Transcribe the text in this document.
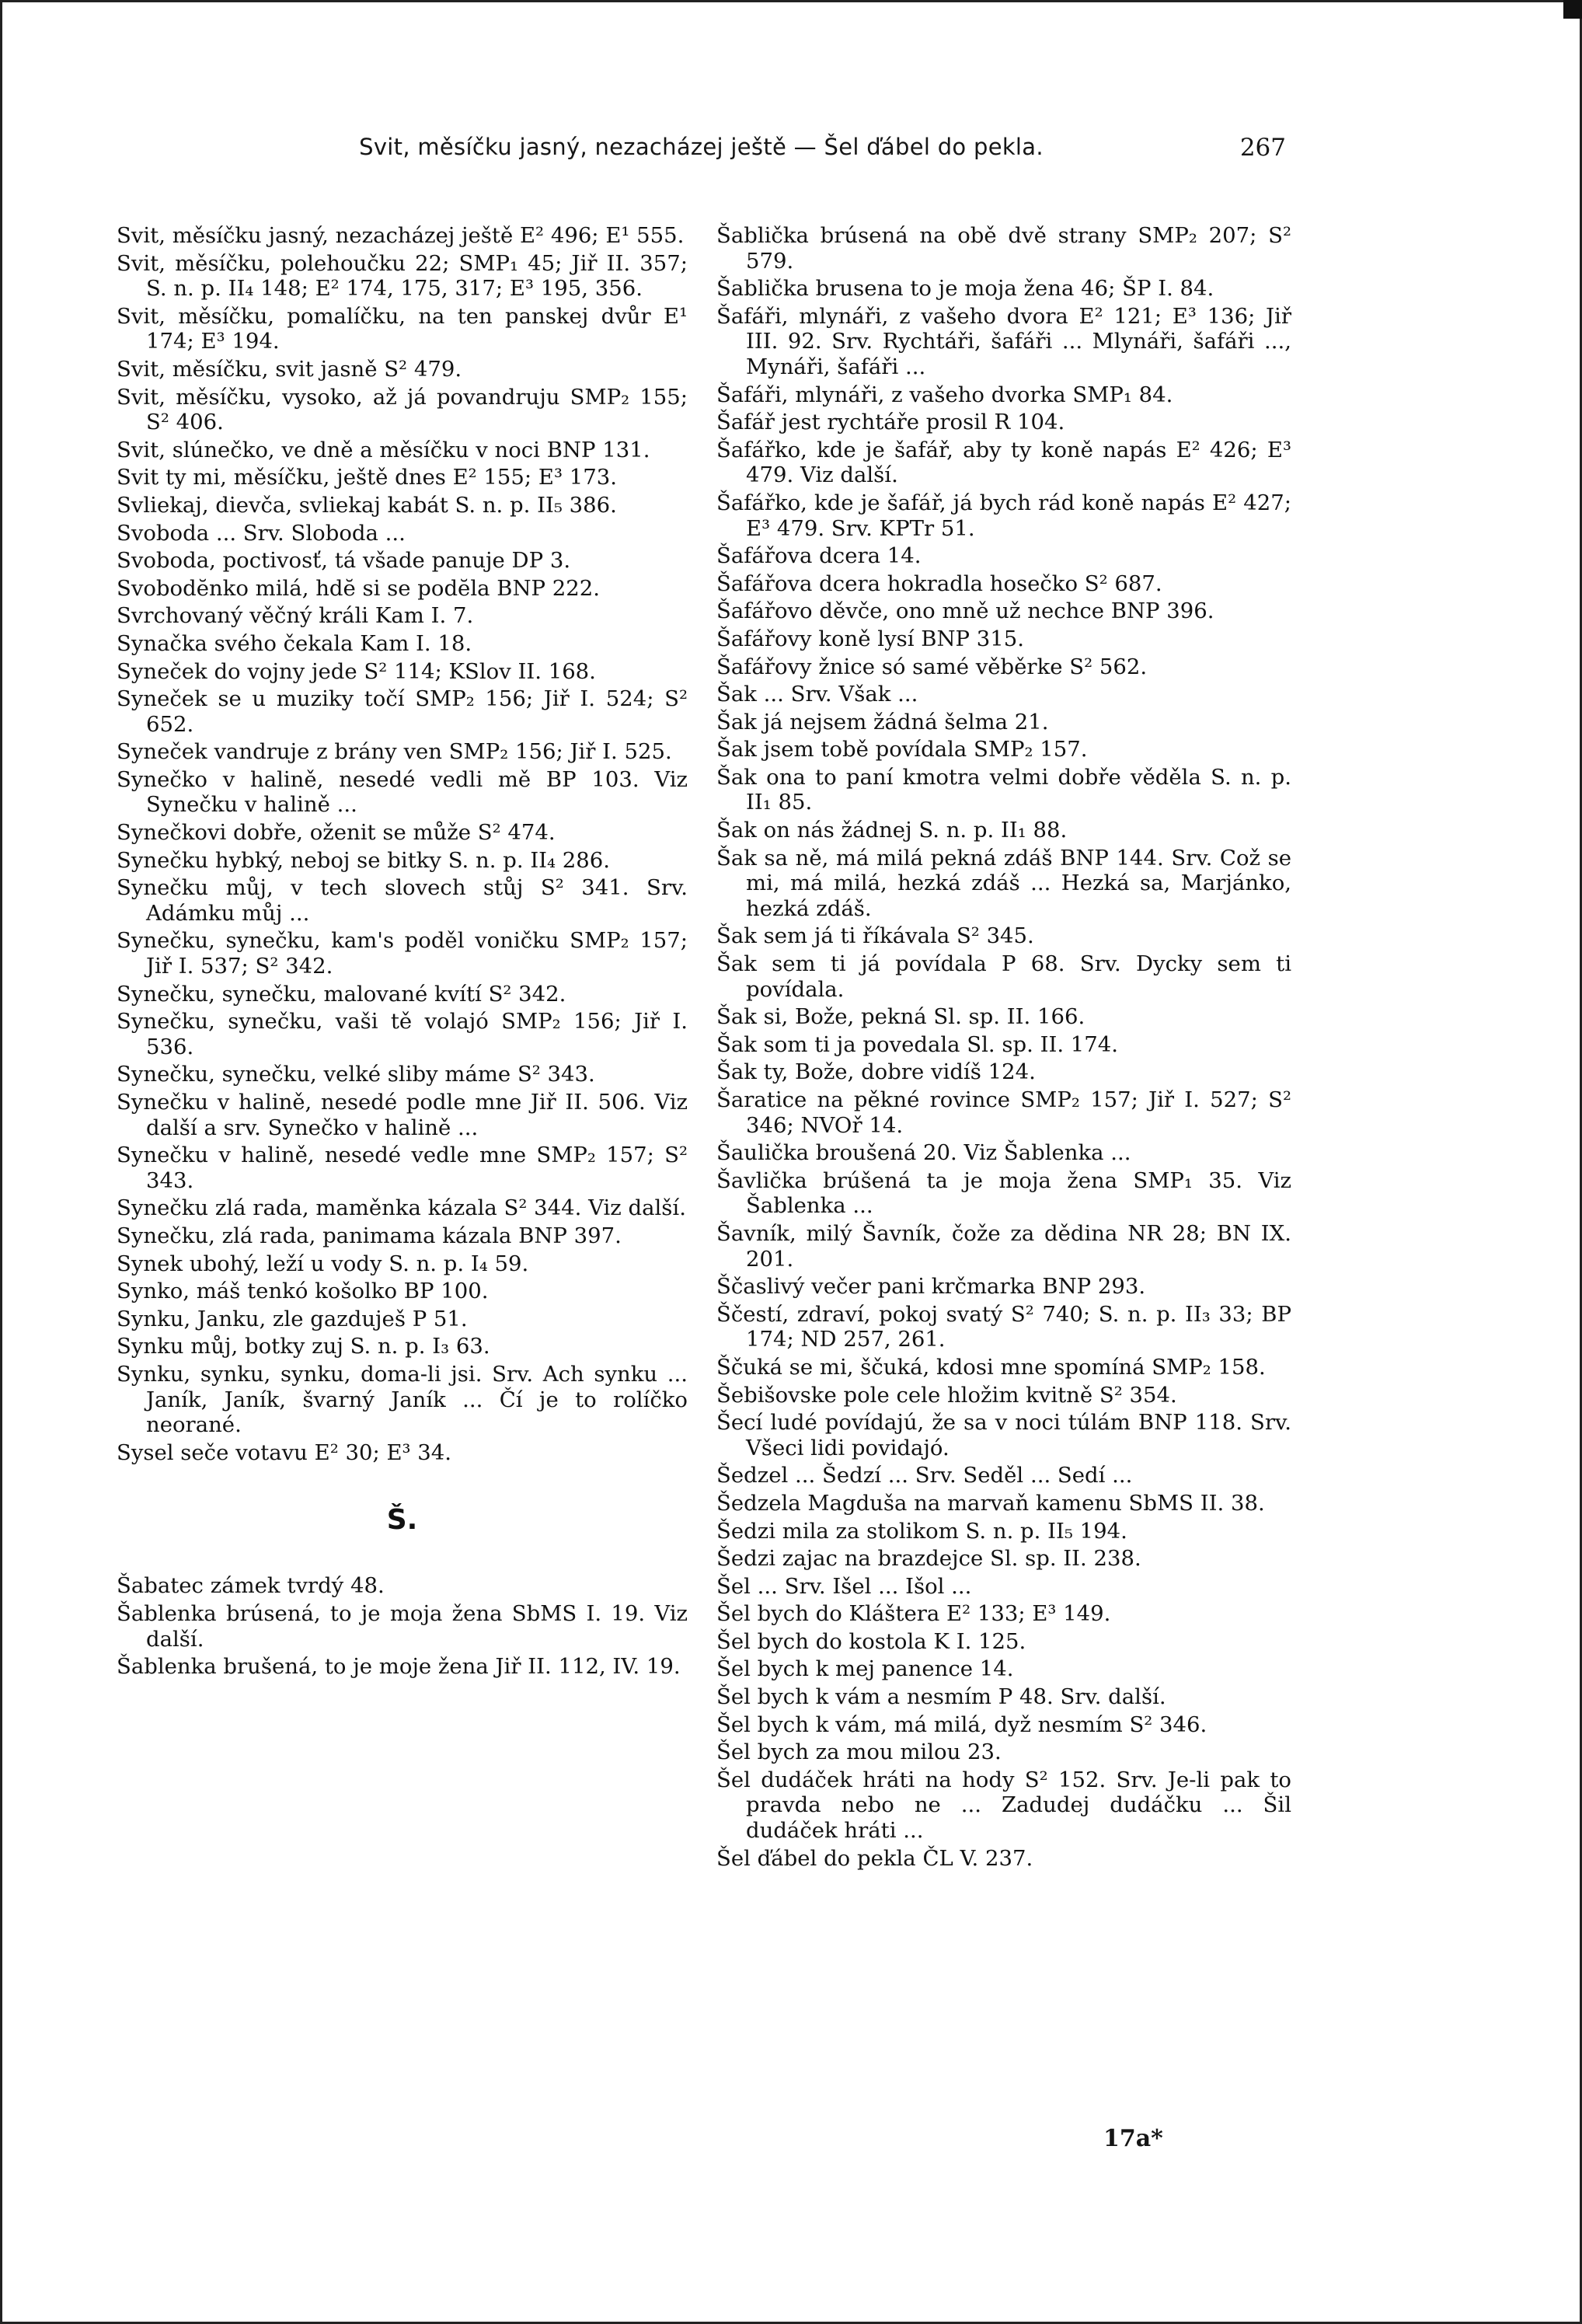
Svit, měsíčku jasný, nezacházej ještě — Šel ďábel do pekla.	267

Svit, měsíčku jasný, nezacházej ještě E² 496; E¹ 555.

Svit, měsíčku, polehoučku 22; SMP₁ 45; Jiř II. 357; S. n. p. II₄ 148; E² 174, 175, 317; E³ 195, 356.

Svit, měsíčku, pomalíčku, na ten panskej dvůr E¹ 174; E³ 194.

Svit, měsíčku, svit jasně S² 479.

Svit, měsíčku, vysoko, až já povandruju SMP₂ 155; S² 406.

Svit, slúnečko, ve dně a měsíčku v noci BNP 131.

Svit ty mi, měsíčku, ještě dnes E² 155; E³ 173.

Svliekaj, dievča, svliekaj kabát S. n. p. II₅ 386.

Svoboda ... Srv. Sloboda ...

Svoboda, poctivosť, tá všade panuje DP 3.

Svobodĕnko milá, hdĕ si se podĕla BNP 222.

Svrchovaný věčný králi Kam I. 7.

Synačka svého čekala Kam I. 18.

Syneček do vojny jede S² 114; KSlov II. 168.

Syneček se u muziky točí SMP₂ 156; Jiř I. 524; S² 652.

Syneček vandruje z brány ven SMP₂ 156; Jiř I. 525.

Synečko v halině, nesedé vedli mě BP 103. Viz Synečku v halině ...

Synečkovi dobře, oženit se může S² 474.

Synečku hybký, neboj se bitky S. n. p. II₄ 286.

Synečku můj, v tech slovech stůj S² 341. Srv. Adámku můj ...

Synečku, synečku, kam's poděl voničku SMP₂ 157; Jiř I. 537; S² 342.

Synečku, synečku, malované kvítí S² 342.

Synečku, synečku, vaši tě volajó SMP₂ 156; Jiř I. 536.

Synečku, synečku, velké sliby máme S² 343.

Synečku v halině, nesedé podle mne Jiř II. 506. Viz další a srv. Synečko v halině ...

Synečku v halině, nesedé vedle mne SMP₂ 157; S² 343.

Synečku zlá rada, maměnka kázala S² 344. Viz další.

Synečku, zlá rada, panimama kázala BNP 397.

Synek ubohý, leží u vody S. n. p. I₄ 59.

Synko, máš tenkó košolko BP 100.

Synku, Janku, zle gazduješ P 51.

Synku můj, botky zuj S. n. p. I₃ 63.

Synku, synku, synku, doma-li jsi. Srv. Ach synku ... Janík, Janík, švarný Janík ... Čí je to rolíčko neorané.

Sysel seče votavu E² 30; E³ 34.

Š.

Šabatec zámek tvrdý 48.

Šablenka brúsená, to je moja žena SbMS I. 19. Viz další.

Šablenka brušená, to je moje žena Jiř II. 112, IV. 19.

Šablička brúsená na obě dvě strany SMP₂ 207; S² 579.

Šablička brusena to je moja žena 46; ŠP I. 84.

Šafáři, mlynáři, z vašeho dvora E² 121; E³ 136; Jiř III. 92. Srv. Rychtáři, šafáři ... Mlynáři, šafáři ..., Mynáři, šafáři ...

Šafáři, mlynáři, z vašeho dvorka SMP₁ 84.

Šafář jest rychtáře prosil R 104.

Šafářko, kde je šafář, aby ty koně napás E² 426; E³ 479. Viz další.

Šafářko, kde je šafář, já bych rád koně napás E² 427; E³ 479. Srv. KPTr 51.

Šafářova dcera 14.

Šafářova dcera hokradla hosečko S² 687.

Šafářovo děvče, ono mně už nechce BNP 396.

Šafářovy koně lysí BNP 315.

Šafářovy žnice só samé věběrke S² 562.

Šak ... Srv. Však ...

Šak já nejsem žádná šelma 21.

Šak jsem tobě povídala SMP₂ 157.

Šak ona to paní kmotra velmi dobře věděla S. n. p. II₁ 85.

Šak on nás žádnej S. n. p. II₁ 88.

Šak sa ně, má milá pekná zdáš BNP 144. Srv. Což se mi, má milá, hezká zdáš ... Hezká sa, Marjánko, hezká zdáš.

Šak sem já ti říkávala S² 345.

Šak sem ti já povídala P 68. Srv. Dycky sem ti povídala.

Šak si, Bože, pekná Sl. sp. II. 166.

Šak som ti ja povedala Sl. sp. II. 174.

Šak ty, Bože, dobre vidíš 124.

Šaratice na pěkné rovince SMP₂ 157; Jiř I. 527; S² 346; NVOř 14.

Šaulička broušená 20. Viz Šablenka ...

Šavlička brúšená ta je moja žena SMP₁ 35. Viz Šablenka ...

Šavník, milý Šavník, čože za dědina NR 28; BN IX. 201.

Ščaslivý večer pani krčmarka BNP 293.

Ščestí, zdraví, pokoj svatý S² 740; S. n. p. II₃ 33; BP 174; ND 257, 261.

Ščuká se mi, ščuká, kdosi mne spomíná SMP₂ 158.

Šebišovske pole cele hložim kvitně S² 354.

Šecí ludé povídajú, že sa v noci túlám BNP 118. Srv. Všeci lidi povidajó.

Šedzel ... Šedzí ... Srv. Seděl ... Sedí ...

Šedzela Magduša na marvaň kamenu SbMS II. 38.

Šedzi mila za stolikom S. n. p. II₅ 194.

Šedzi zajac na brazdejce Sl. sp. II. 238.

Šel ... Srv. Išel ... Išol ...

Šel bych do Kláštera E² 133; E³ 149.

Šel bych do kostola K I. 125.

Šel bych k mej panence 14.

Šel bych k vám a nesmím P 48. Srv. další.

Šel bych k vám, má milá, dyž nesmím S² 346.

Šel bych za mou milou 23.

Šel dudáček hráti na hody S² 152. Srv. Je-li pak to pravda nebo ne ... Zadudej dudáčku ... Šil dudáček hráti ...

Šel ďábel do pekla ČL V. 237.

17a*
